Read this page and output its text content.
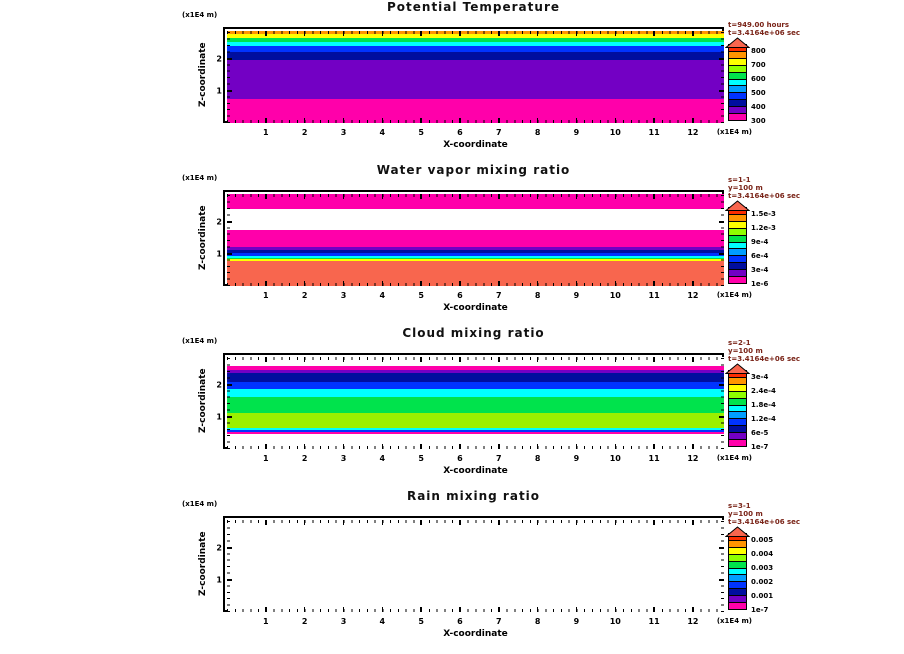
Potential Temperature
(x1E4 m)
Z-coordinate
1	2	3	4	5	6	7	8	9	10	11	12
1
2
X-coordinate
(x1E4 m)
800
700
600
500
400
300
t=949.00 hours
t=3.4164e+06 sec
Water vapor mixing ratio
(x1E4 m)
Z-coordinate
1	2	3	4	5	6	7	8	9	10	11	12
1
2
X-coordinate
(x1E4 m)
1.5e-3
1.2e-3
9e-4
6e-4
3e-4
1e-6
s=1-1
y=100 m
t=3.4164e+06 sec
Cloud mixing ratio
(x1E4 m)
Z-coordinate
1	2	3	4	5	6	7	8	9	10	11	12
1
2
X-coordinate
(x1E4 m)
3e-4
2.4e-4
1.8e-4
1.2e-4
6e-5
1e-7
s=2-1
y=100 m
t=3.4164e+06 sec
Rain mixing ratio
(x1E4 m)
Z-coordinate
1	2	3	4	5	6	7	8	9	10	11	12
1
2
X-coordinate
(x1E4 m)
0.005
0.004
0.003
0.002
0.001
1e-7
s=3-1
y=100 m
t=3.4164e+06 sec
